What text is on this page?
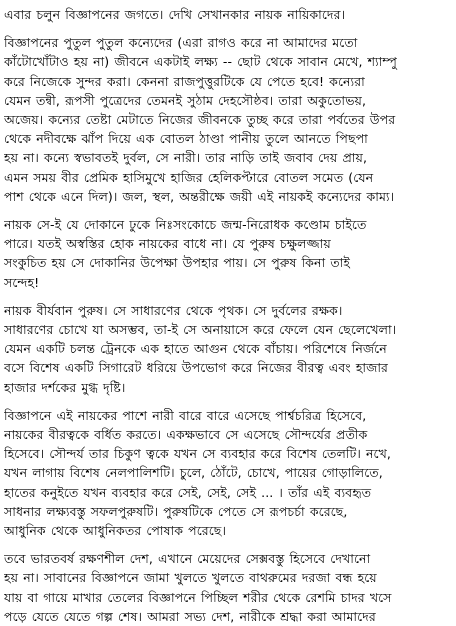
এবার চলুন বিজ্ঞাপনের জগতে। দেখি সেখানকার নায়ক নায়িকাদের।

বিজ্ঞাপনের পুতুল পুতুল কন্যেদের (এরা রাগও করে না আমাদের মতো
কাঁটোখোঁটাও হয় না) জীবনে একটাই লক্ষ্য -- ছোট থেকে সাবান মেখে, শ্যাম্পু
করে নিজেকে সুন্দর করা। কেননা রাজপুত্তুরটিকে যে পেতে হবে! কন্যেরা
যেমন তন্বী, রূপসী পুত্রেদের তেমনই সুঠাম দেহসৌষ্ঠব। তারা অকুতোভয়,
অজেয়। কন্যের তেষ্টা মেটাতে নিজের জীবনকে তুচ্ছ করে তারা পর্বতের উপর
থেকে নদীবক্ষে ঝাঁপ দিয়ে এক বোতল ঠাণ্ডা পানীয় তুলে আনতে পিছপা
হয় না। কন্যে স্বভাবতই দুর্বল, সে নারী। তার নাড়ি তাই জবাব দেয় প্রায়,
এমন সময় বীর প্রেমিক হাসিমুখে হাজির হেলিকপ্টারে বোতল সমেত (যেন
পাশ থেকে এনে দিল)। জল, স্থল, অন্তরীক্ষে জয়ী এই নায়কই কন্যেদের কাম্য।

নায়ক সে-ই যে দোকানে ঢুকে নিঃসংকোচে জন্ম-নিরোধক কণ্ডোম চাইতে
পারে। যতই অস্বস্তির হোক নায়কের বাধে না। যে পুরুষ চক্ষুলজ্জায়
সংকুচিত হয় সে দোকানির উপেক্ষা উপহার পায়। সে পুরুষ কিনা তাই
সন্দেহ!

নায়ক বীর্যবান পুরুষ। সে সাধারণের থেকে পৃথক। সে দুর্বলের রক্ষক।
সাধারণের চোখে যা অসম্ভব, তা-ই সে অনায়াসে করে ফেলে যেন ছেলেখেলা।
যেমন একটি চলন্ত ট্রেনকে এক হাতে আগুন থেকে বাঁচায়। পরিশেষে নির্জনে
বসে বিশেষ একটি সিগারেট ধরিয়ে উপভোগ করে নিজের বীরত্ব এবং হাজার
হাজার দর্শকের মুগ্ধ দৃষ্টি।

বিজ্ঞাপনে এই নায়কের পাশে নারী বারে বারে এসেছে পার্শ্বচরিত্র হিসেবে,
নায়কের বীরত্বকে বর্ধিত করতে। একক্ষভাবে সে এসেছে সৌন্দর্যের প্রতীক
হিসেবে। সৌন্দর্য তার চিকুণ ত্বকে যখন সে ব্যবহার করে বিশেষ তেলটি। নখে,
যখন লাগায় বিশেষ নেলপালিশটি। চুলে, ঠোঁটে, চোখে, পায়ের গোড়ালিতে,
হাতের কনুইতে যখন ব্যবহার করে সেই, সেই, সেই ... । তাঁর এই ব্যবহৃত
সাধনার লক্ষ্যবস্তু সফলপুরুষটি। পুরুষটিকে পেতে সে রূপচর্চা করেছে,
আধুনিক থেকে আধুনিকতর পোষাক পরেছে।

তবে ভারতবর্ষ রক্ষণশীল দেশ, এখানে মেয়েদের সেক্সবস্তু হিসেবে দেখানো
হয় না। সাবানের বিজ্ঞাপনে জামা খুলতে খুলতে বাথরুমের দরজা বন্ধ হয়ে
যায় বা গায়ে মাখার তেলের বিজ্ঞাপনে পিচ্ছিল শরীর থেকে রেশমি চাদর খসে
পড়ে যেতে যেতে গল্প শেষ। আমরা সভ্য দেশ, নারীকে শ্রদ্ধা করা আমাদের
